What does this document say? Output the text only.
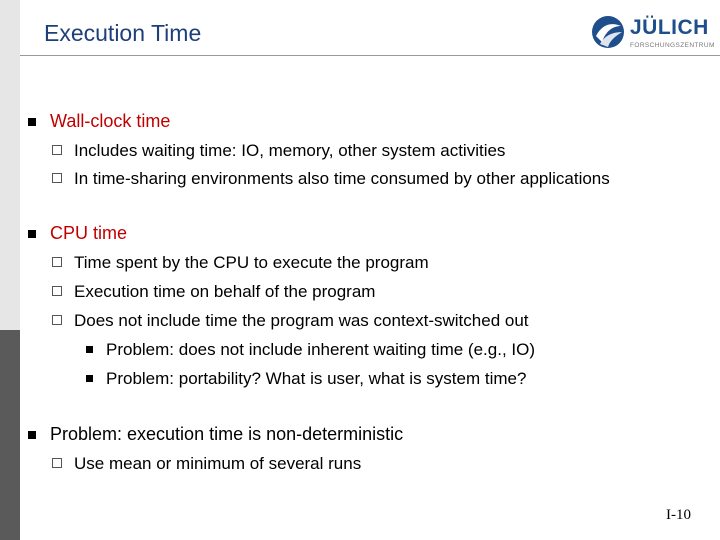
Execution Time	JÜLICH
FORSCHUNGSZENTRUM
Wall-clock time
Includes waiting time: IO, memory, other system activities
In time-sharing environments also time consumed by other applications
CPU time
Time spent by the CPU to execute the program
Execution time on behalf of the program
Does not include time the program was context-switched out
Problem: does not include inherent waiting time (e.g., IO)
Problem: portability? What is user, what is system time?
Problem: execution time is non-deterministic
Use mean or minimum of several runs
I-10
